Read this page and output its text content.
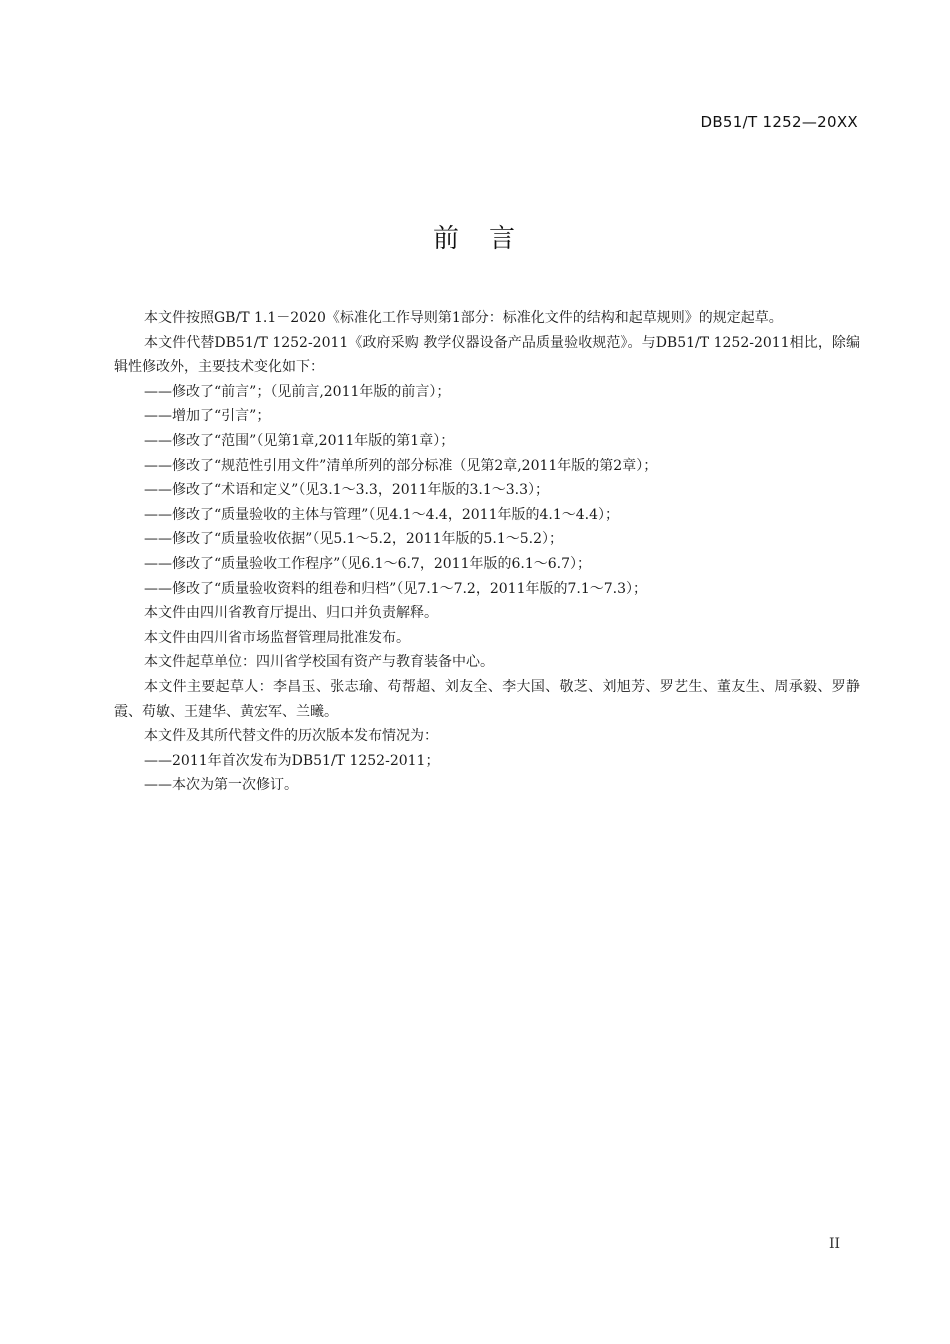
DB51/T 1252—20XX
前　言

本文件按照GB/T 1.1－2020《标准化工作导则第1部分：标准化文件的结构和起草规则》的规定起草。

本文件代替DB51/T 1252-2011《政府采购 教学仪器设备产品质量验收规范》。与DB51/T 1252-2011相比，除编辑性修改外，主要技术变化如下：

——修改了“前言”；（见前言,2011年版的前言）；

——增加了“引言”；

——修改了“范围”（见第1章,2011年版的第1章）；

——修改了“规范性引用文件”清单所列的部分标准（见第2章,2011年版的第2章）；

——修改了“术语和定义”（见3.1～3.3，2011年版的3.1～3.3）；

——修改了“质量验收的主体与管理”（见4.1～4.4，2011年版的4.1～4.4）；

——修改了“质量验收依据”（见5.1～5.2，2011年版的5.1～5.2）；

——修改了“质量验收工作程序”（见6.1～6.7，2011年版的6.1～6.7）；

——修改了“质量验收资料的组卷和归档”（见7.1～7.2，2011年版的7.1～7.3）；

本文件由四川省教育厅提出、归口并负责解释。

本文件由四川省市场监督管理局批准发布。

本文件起草单位：四川省学校国有资产与教育装备中心。

本文件主要起草人：李昌玉、张志瑜、苟帮超、刘友全、李大国、敬芝、刘旭芳、罗艺生、董友生、周承毅、罗静霞、苟敏、王建华、黄宏军、兰曦。

本文件及其所代替文件的历次版本发布情况为：

——2011年首次发布为DB51/T 1252-2011；

——本次为第一次修订。

II
